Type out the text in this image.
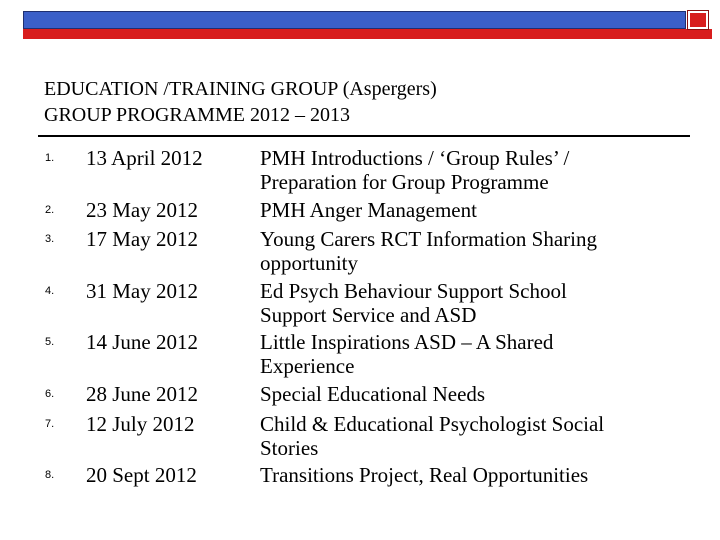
EDUCATION /TRAINING GROUP (Aspergers)
GROUP PROGRAMME 2012 – 2013
1. 13 April 2012	PMH Introductions / ‘Group Rules’ /
Preparation for Group Programme
2. 23 May 2012	PMH Anger Management
3. 17 May 2012	Young Carers RCT Information Sharing
opportunity
4. 31 May 2012	Ed Psych Behaviour Support School
Support Service and ASD
5. 14 June 2012	Little Inspirations ASD – A Shared
Experience
6. 28 June 2012	Special Educational Needs
7. 12 July 2012	Child & Educational Psychologist Social
Stories
8. 20 Sept 2012	Transitions Project, Real Opportunities
